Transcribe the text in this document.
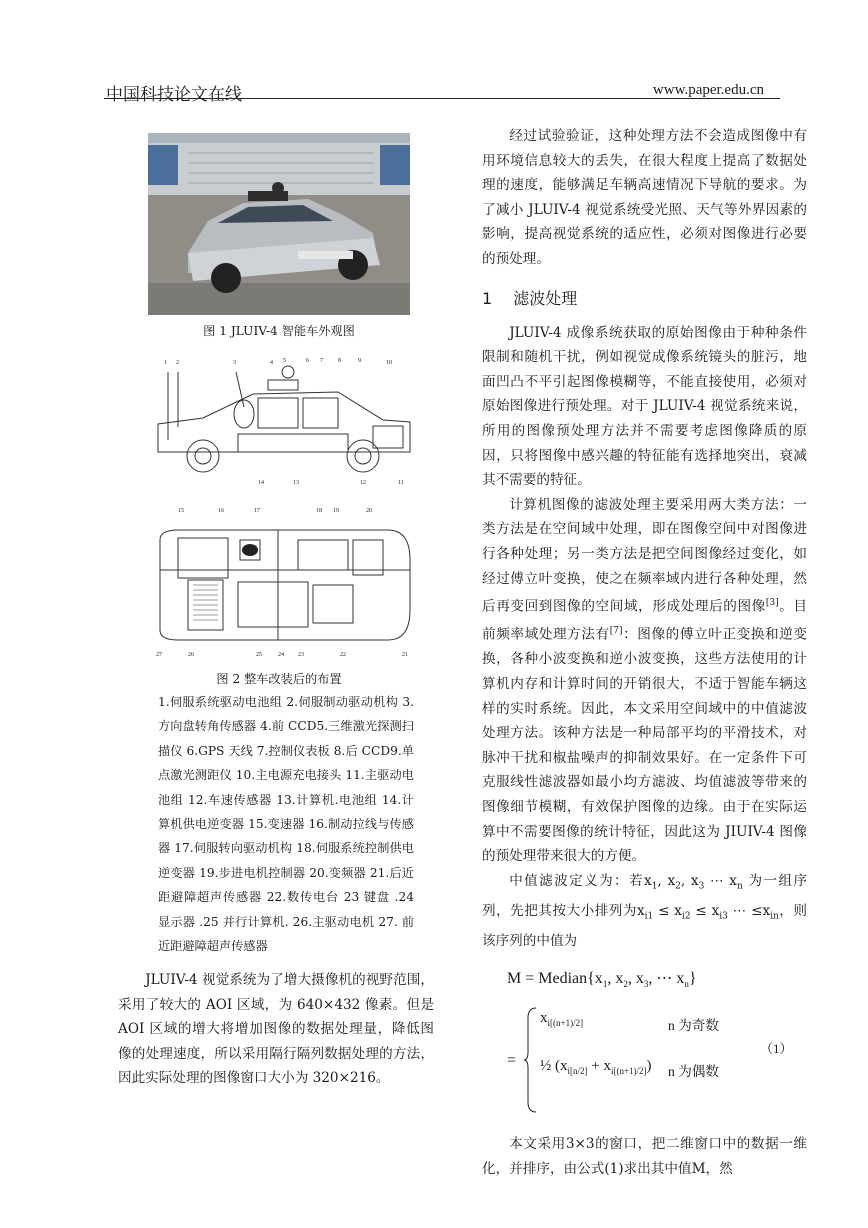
中国科技论文在线	www.paper.edu.cn

图 1 JLUIV-4 智能车外观图

1 2	3	4 5	6 7	8	9	10
11
12
13
14
15	16	17	18 19	20
21
22
23
24
25
26
27

图 2 整车改装后的布置

1.伺服系统驱动电池组 2.伺服制动驱动机构 3.方向盘转角传感器 4.前 CCD5.三维激光探测扫描仪 6.GPS 天线 7.控制仪表板 8.后 CCD9.单点激光测距仪 10.主电源充电接头 11.主驱动电池组 12.车速传感器 13.计算机.电池组 14.计算机供电逆变器 15.变速器 16.制动拉线与传感器 17.伺服转向驱动机构 18.伺服系统控制供电逆变器 19.步进电机控制器 20.变频器 21.后近距避障超声传感器 22.数传电台 23 键盘 .24 显示器 .25 并行计算机. 26.主驱动电机 27. 前近距避障超声传感器

JLUIV-4 视觉系统为了增大摄像机的视野范围，采用了较大的 AOI 区域，为 640×432 像素。但是 AOI 区域的增大将增加图像的数据处理量，降低图像的处理速度，所以采用隔行隔列数据处理的方法，因此实际处理的图像窗口大小为 320×216。

经过试验验证，这种处理方法不会造成图像中有用环境信息较大的丢失，在很大程度上提高了数据处理的速度，能够满足车辆高速情况下导航的要求。为了减小 JLUIV-4 视觉系统受光照、天气等外界因素的影响，提高视觉系统的适应性，必须对图像进行必要的预处理。

1 滤波处理

JLUIV-4 成像系统获取的原始图像由于种种条件限制和随机干扰，例如视觉成像系统镜头的脏污，地面凹凸不平引起图像模糊等，不能直接使用，必须对原始图像进行预处理。对于 JLUIV-4 视觉系统来说，所用的图像预处理方法并不需要考虑图像降质的原因，只将图像中感兴趣的特征能有选择地突出，衰减其不需要的特征。

计算机图像的滤波处理主要采用两大类方法：一类方法是在空间域中处理，即在图像空间中对图像进行各种处理；另一类方法是把空间图像经过变化，如经过傅立叶变换，使之在频率域内进行各种处理，然后再变回到图像的空间域，形成处理后的图像[3]。目前频率域处理方法有[7]：图像的傅立叶正变换和逆变换，各种小波变换和逆小波变换，这些方法使用的计算机内存和计算时间的开销很大，不适于智能车辆这样的实时系统。因此，本文采用空间域中的中值滤波处理方法。该种方法是一种局部平均的平滑技术，对脉冲干扰和椒盐噪声的抑制效果好。在一定条件下可克服线性滤波器如最小均方滤波、均值滤波等带来的图像细节模糊，有效保护图像的边缘。由于在实际运算中不需要图像的统计特征，因此这为 JIUIV-4 图像的预处理带来很大的方便。

中值滤波定义为：若$x_1$, $x_2$, $x_3$ ⋯ $x_n$ 为一组序列，先把其按大小排列为$x_{i1} \le x_{i2} \le x_{i3}$ ⋯ $\le x_{in}$，则该序列的中值为

$M = Median\{x_1$, $x_2$, $x_3$, ⋯ $x_n$}
=
$x_{i[(n+1)/2]}$
½ $(x_{i[n/2]} + x_{i[(n+1)/2]})$
n 为奇数
n 为偶数
（1）

本文采用3×3的窗口，把二维窗口中的数据一维化，并排序，由公式(1)求出其中值M，然
